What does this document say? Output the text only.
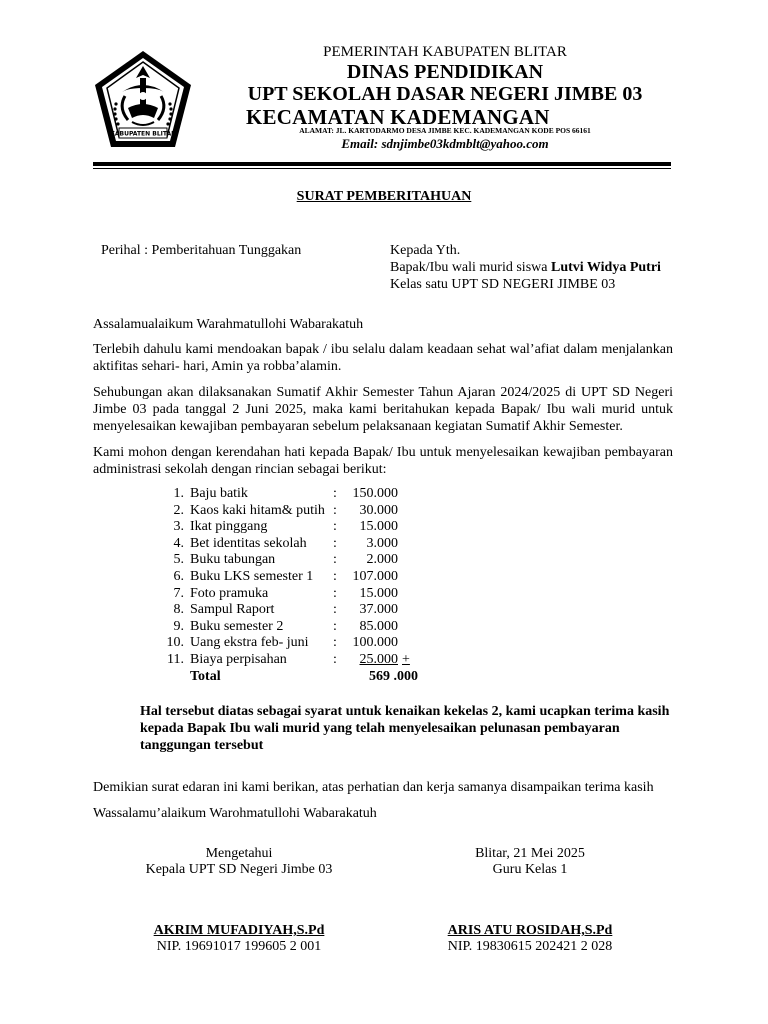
KABUPATEN BLITAR
PEMERINTAH KABUPATEN BLITAR
DINAS PENDIDIKAN
UPT SEKOLAH DASAR NEGERI JIMBE 03
KECAMATAN KADEMANGAN
ALAMAT: JL. KARTODARMO DESA JIMBE KEC. KADEMANGAN KODE POS 66161
Email: sdnjimbe03kdmblt@yahoo.com
SURAT PEMBERITAHUAN
Perihal : Pemberitahuan Tunggakan	Kepada Yth.
Bapak/Ibu wali murid siswa Lutvi Widya Putri
Kelas satu UPT SD NEGERI JIMBE 03
Assalamualaikum Warahmatullohi Wabarakatuh
Terlebih dahulu kami mendoakan bapak / ibu selalu dalam keadaan sehat wal’afiat dalam menjalankan aktifitas sehari- hari, Amin ya robba’alamin.
Sehubungan akan dilaksanakan Sumatif Akhir Semester Tahun Ajaran 2024/2025 di UPT SD Negeri Jimbe 03 pada tanggal 2 Juni 2025, maka kami beritahukan kepada Bapak/ Ibu wali murid untuk menyelesaikan kewajiban pembayaran sebelum pelaksanaan kegiatan Sumatif Akhir Semester.
Kami mohon dengan kerendahan hati kepada Bapak/ Ibu untuk menyelesaikan kewajiban pembayaran administrasi sekolah dengan rincian sebagai berikut:
1.	Baju batik	:	150.000	
2.	Kaos kaki hitam& putih	:	30.000	
3.	Ikat pinggang	:	15.000	
4.	Bet identitas sekolah	:	3.000	
5.	Buku tabungan	:	2.000	
6.	Buku LKS semester 1	:	107.000	
7.	Foto pramuka	:	15.000	
8.	Sampul Raport	:	37.000	
9.	Buku semester 2	:	85.000	
10.	Uang ekstra feb- juni	:	100.000	
11.	Biaya perpisahan	:	25.000	+
	Total		569 .000	
Hal tersebut diatas sebagai syarat untuk kenaikan kekelas 2, kami ucapkan terima kasih kepada Bapak Ibu wali murid yang telah menyelesaikan pelunasan pembayaran tanggungan tersebut
Demikian surat edaran ini kami berikan, atas perhatian dan kerja samanya disampaikan terima kasih
Wassalamu’alaikum Warohmatullohi Wabarakatuh
Mengetahui
Kepala UPT SD Negeri Jimbe 03
Blitar, 21 Mei 2025
Guru Kelas 1
AKRIM MUFADIYAH,S.Pd
NIP. 19691017 199605 2 001
ARIS ATU ROSIDAH,S.Pd
NIP. 19830615 202421 2 028
